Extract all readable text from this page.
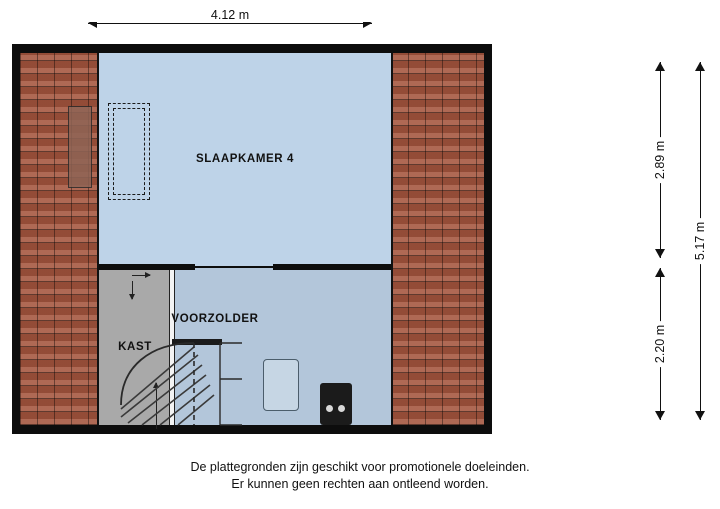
4.12 m
SLAAPKAMER 4
VOORZOLDER
KAST
2.89 m
2.20 m
5.17 m
De plattegronden zijn geschikt voor promotionele doeleinden.
Er kunnen geen rechten aan ontleend worden.
